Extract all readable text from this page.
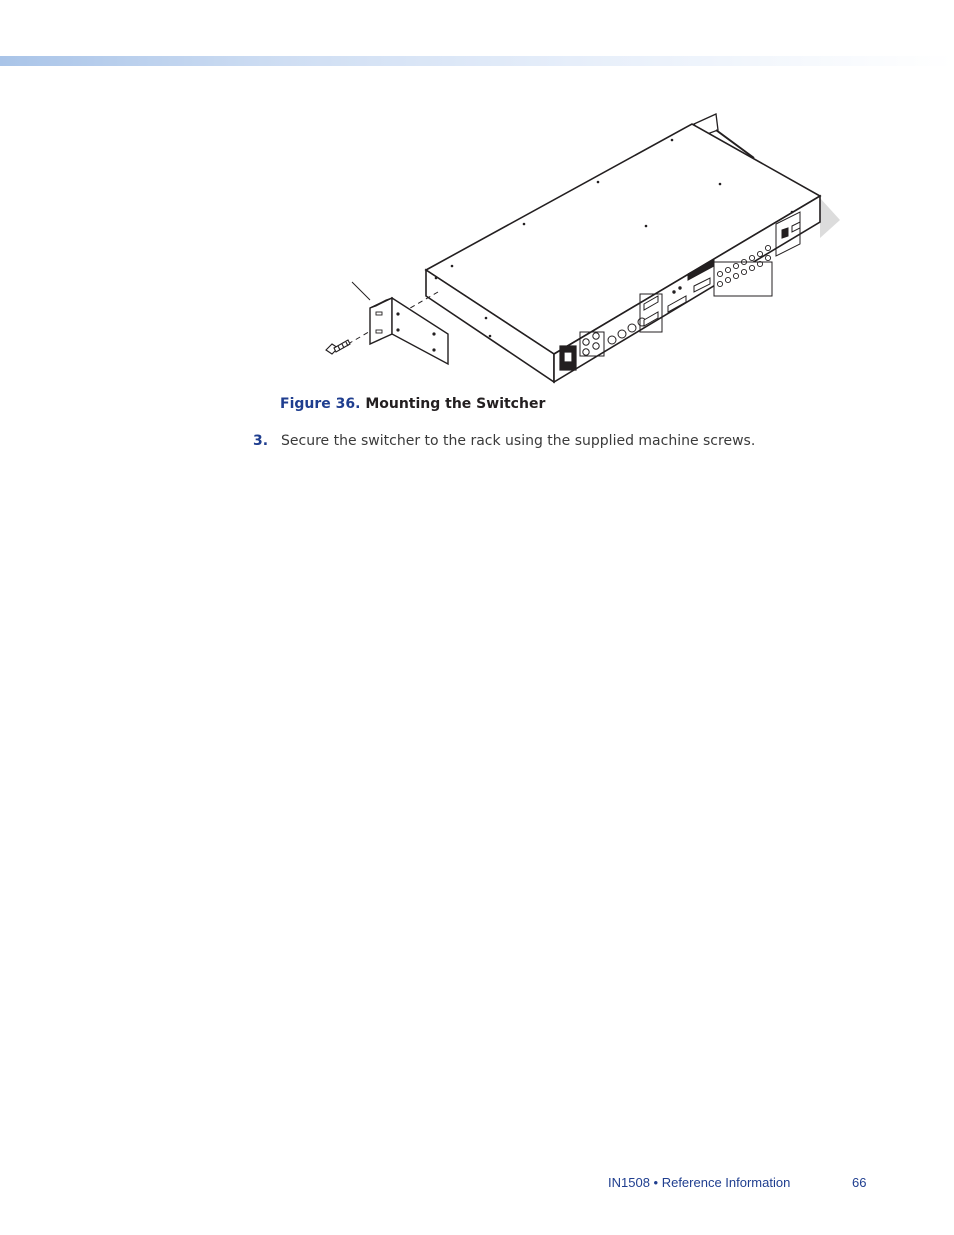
Figure 36. Mounting the Switcher
3. Secure the switcher to the rack using the supplied machine screws.
IN1508 • Reference Information	66
